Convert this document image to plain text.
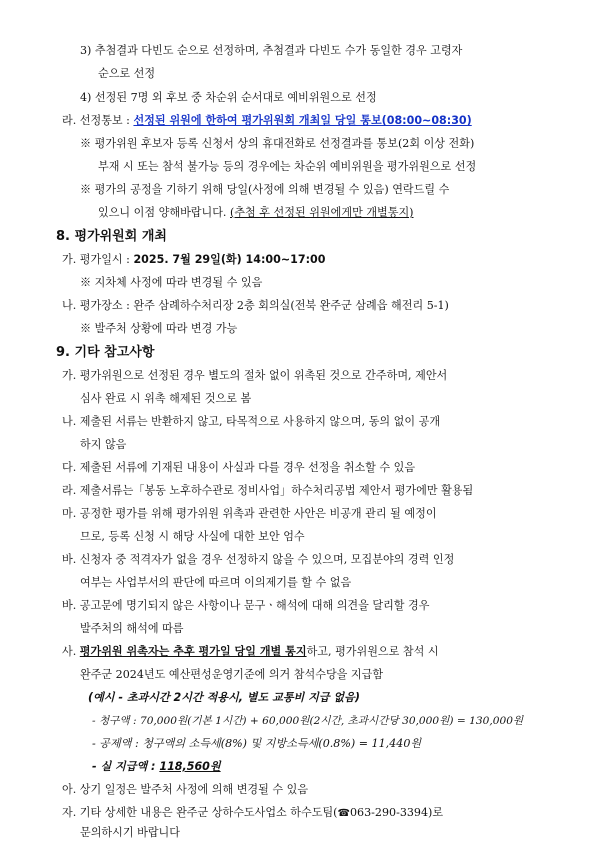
3) 추첨결과 다빈도 순으로 선정하며, 추첨결과 다빈도 수가 동일한 경우 고령자
순으로 선정
4) 선정된 7명 외 후보 중 차순위 순서대로 예비위원으로 선정
라. 선정통보 : 선정된 위원에 한하여 평가위원회 개최일 당일 통보(08:00~08:30)
※ 평가위원 후보자 등록 신청서 상의 휴대전화로 선정결과를 통보(2회 이상 전화)
부재 시 또는 참석 불가능 등의 경우에는 차순위 예비위원을 평가위원으로 선정
※ 평가의 공정을 기하기 위해 당일(사정에 의해 변경될 수 있음) 연락드릴 수
있으니 이점 양해바랍니다. (추첨 후 선정된 위원에게만 개별통지)
8. 평가위원회 개최
가. 평가일시 : 2025. 7월 29일(화) 14:00~17:00
※ 지차체 사정에 따라 변경될 수 있음
나. 평가장소 : 완주 삼례하수처리장 2층 회의실(전북 완주군 삼례읍 해전리 5-1)
※ 발주처 상황에 따라 변경 가능
9. 기타 참고사항
가. 평가위원으로 선정된 경우 별도의 절차 없이 위촉된 것으로 간주하며, 제안서
심사 완료 시 위촉 해제된 것으로 봄
나. 제출된 서류는 반환하지 않고, 타목적으로 사용하지 않으며, 동의 없이 공개
하지 않음
다. 제출된 서류에 기재된 내용이 사실과 다를 경우 선정을 취소할 수 있음
라. 제출서류는「봉동 노후하수관로 정비사업」하수처리공법 제안서 평가에만 활용됨
마. 공정한 평가를 위해 평가위원 위촉과 관련한 사안은 비공개 관리 될 예정이
므로, 등록 신청 시 해당 사실에 대한 보안 엄수
바. 신청자 중 적격자가 없을 경우 선정하지 않을 수 있으며, 모집분야의 경력 인정
여부는 사업부서의 판단에 따르며 이의제기를 할 수 없음
바. 공고문에 명기되지 않은 사항이나 문구ㆍ해석에 대해 의견을 달리할 경우
발주처의 해석에 따름
사. 평가위원 위촉자는 추후 평가일 당일 개별 통지하고, 평가위원으로 참석 시
완주군 2024년도 예산편성운영기준에 의거 참석수당을 지급함
(예시 - 초과시간 2시간 적용시, 별도 교통비 지급 없음)
- 청구액 : 70,000원(기본 1시간) + 60,000원(2시간, 초과시간당 30,000원) = 130,000원
- 공제액 : 청구액의 소득세(8%) 및 지방소득세(0.8%) = 11,440원
- 실 지급액 : 118,560원
아. 상기 일정은 발주처 사정에 의해 변경될 수 있음
자. 기타 상세한 내용은 완주군 상하수도사업소 하수도팀(☎063-290-3394)로
문의하시기 바랍니다
